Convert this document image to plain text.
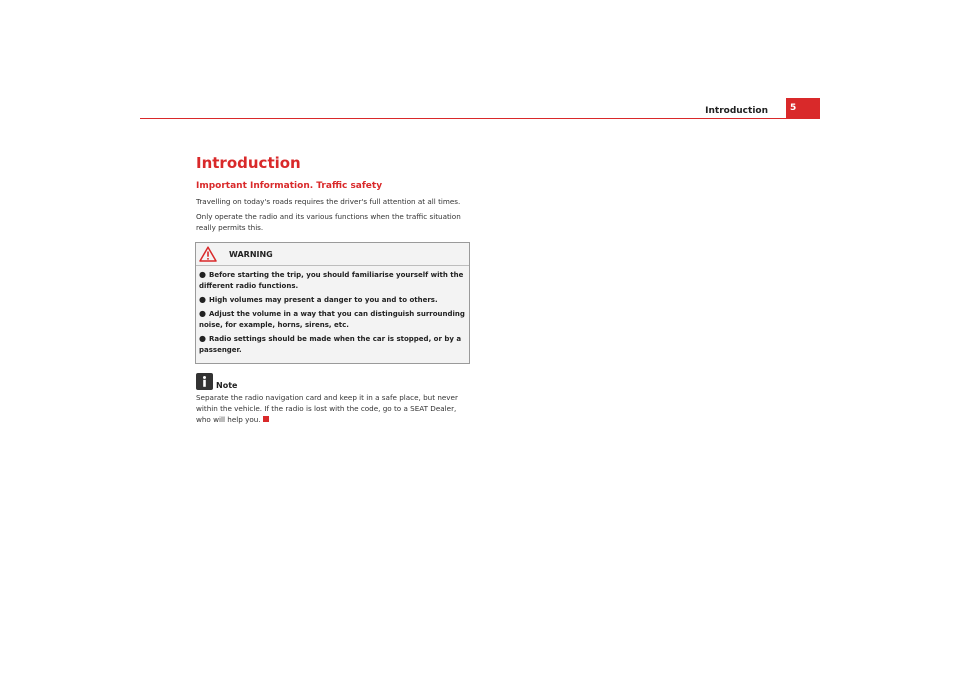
Introduction	5
Introduction
Important Information. Traffic safety

Travelling on today's roads requires the driver's full attention at all times.

Only operate the radio and its various functions when the traffic situation really permits this.

WARNING
● Before starting the trip, you should familiarise yourself with the different radio functions.
● High volumes may present a danger to you and to others.
● Adjust the volume in a way that you can distinguish surrounding noise, for example, horns, sirens, etc.
● Radio settings should be made when the car is stopped, or by a passenger.
Note

Separate the radio navigation card and keep it in a safe place, but never within the vehicle. If the radio is lost with the code, go to a SEAT Dealer, who will help you.
